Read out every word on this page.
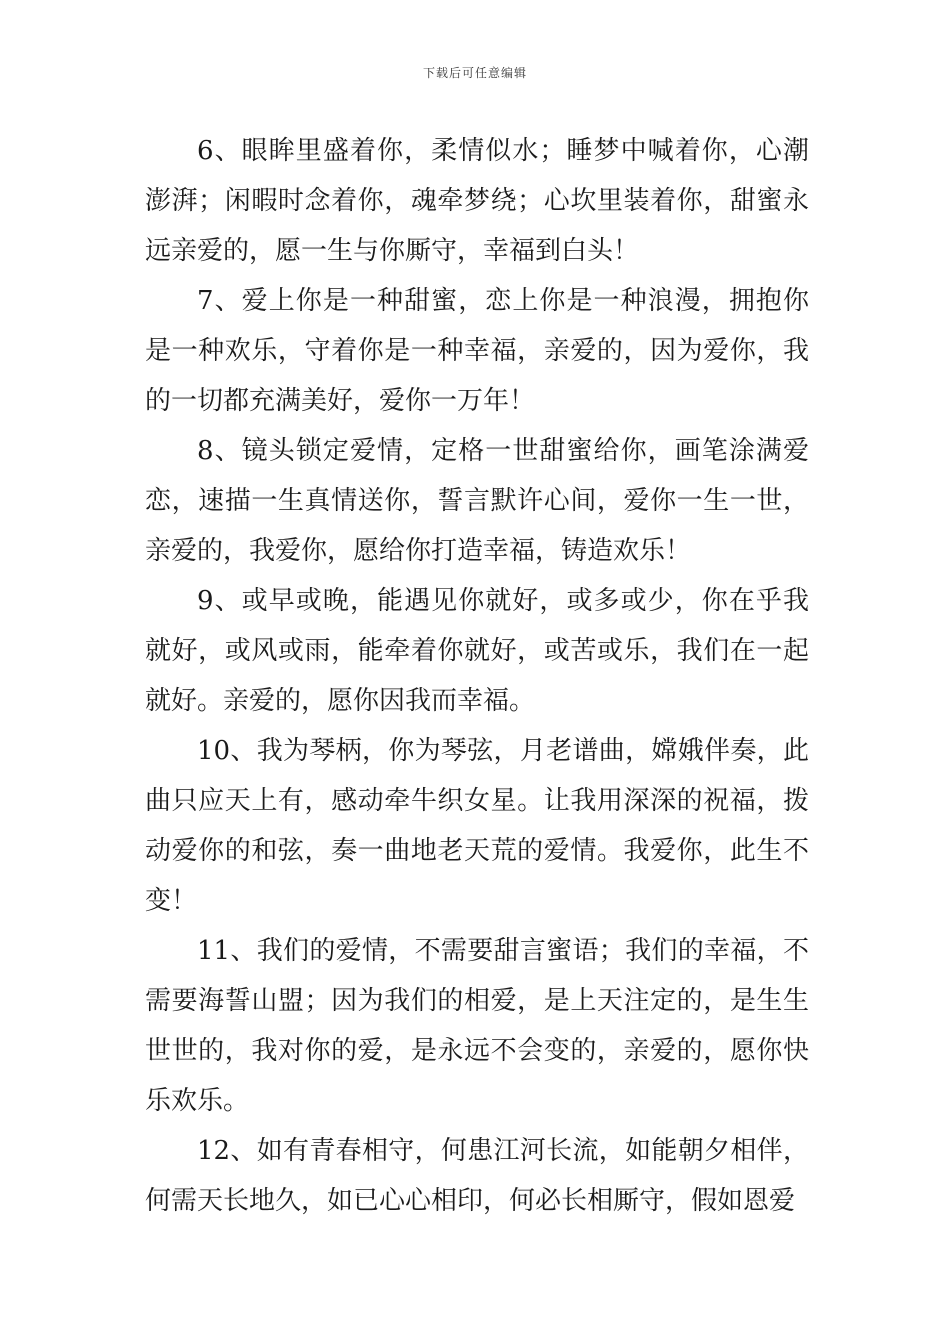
下载后可任意编辑

6、眼眸里盛着你，柔情似水；睡梦中喊着你，心潮澎湃；闲暇时念着你，魂牵梦绕；心坎里装着你，甜蜜永远亲爱的，愿一生与你厮守，幸福到白头！

7、爱上你是一种甜蜜，恋上你是一种浪漫，拥抱你是一种欢乐，守着你是一种幸福，亲爱的，因为爱你，我的一切都充满美好，爱你一万年！

8、镜头锁定爱情，定格一世甜蜜给你，画笔涂满爱恋，速描一生真情送你，誓言默许心间，爱你一生一世，亲爱的，我爱你，愿给你打造幸福，铸造欢乐！

9、或早或晚，能遇见你就好，或多或少，你在乎我就好，或风或雨，能牵着你就好，或苦或乐，我们在一起就好。亲爱的，愿你因我而幸福。

10、我为琴柄，你为琴弦，月老谱曲，嫦娥伴奏，此曲只应天上有，感动牵牛织女星。让我用深深的祝福，拨动爱你的和弦，奏一曲地老天荒的爱情。我爱你，此生不变！

11、我们的爱情，不需要甜言蜜语；我们的幸福，不需要海誓山盟；因为我们的相爱，是上天注定的，是生生世世的，我对你的爱，是永远不会变的，亲爱的，愿你快乐欢乐。

12、如有青春相守，何患江河长流，如能朝夕相伴，何需天长地久，如已心心相印，何必长相厮守，假如恩爱
